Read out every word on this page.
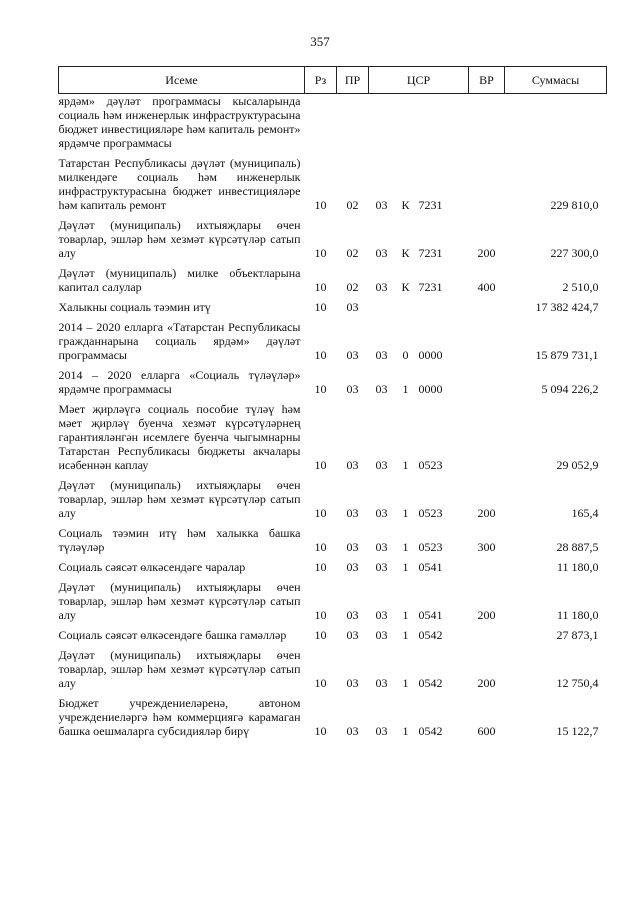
357
Исеме	Рз	ПР	ЦСР			ВР	Суммасы
ярдәм» дәүләт программасы кысаларында социаль һәм инженерлык инфраструктурасына бюджет инвестицияләре һәм капиталь ремонт» ярдәмче программасы							

Татарстан Республикасы дәүләт (муниципаль) милкендәге социаль һәм инженерлык инфраструктурасына бюджет инвестицияләре һәм капиталь ремонт	10	02	03	К	7231		229 810,0

Дәүләт (муниципаль) ихтыяҗлары өчен товарлар, эшләр һәм хезмәт күрсәтүләр сатып алу	10	02	03	К	7231	200	227 300,0

Дәүләт (муниципаль) милке объектларына капитал салулар	10	02	03	К	7231	400	2 510,0

Халыкны социаль тәэмин итү	10	03					17 382 424,7

2014 – 2020 елларга «Татарстан Республикасы гражданнарына социаль ярдәм» дәүләт программасы	10	03	03	0	0000		15 879 731,1

2014 – 2020 елларга «Социаль түләүләр» ярдәмче программасы	10	03	03	1	0000		5 094 226,2

Мәет җирләүгә социаль пособие түләү һәм мәет җирләү буенча хезмәт күрсәтүләрнең гарантияләнгән исемлеге буенча чыгымнарны Татарстан Республикасы бюджеты акчалары исәбеннән каплау	10	03	03	1	0523		29 052,9

Дәүләт (муниципаль) ихтыяҗлары өчен товарлар, эшләр һәм хезмәт күрсәтүләр сатып алу	10	03	03	1	0523	200	165,4

Социаль тәэмин итү һәм халыкка башка түләүләр	10	03	03	1	0523	300	28 887,5

Социаль сәясәт өлкәсендәге чаралар	10	03	03	1	0541		11 180,0

Дәүләт (муниципаль) ихтыяҗлары өчен товарлар, эшләр һәм хезмәт күрсәтүләр сатып алу	10	03	03	1	0541	200	11 180,0

Социаль сәясәт өлкәсендәге башка гамәлләр	10	03	03	1	0542		27 873,1

Дәүләт (муниципаль) ихтыяҗлары өчен товарлар, эшләр һәм хезмәт күрсәтүләр сатып алу	10	03	03	1	0542	200	12 750,4

Бюджет учреждениеләренә, автоном учреждениеләргә һәм коммерциягә карамаган башка оешмаларга субсидияләр бирү	10	03	03	1	0542	600	15 122,7
